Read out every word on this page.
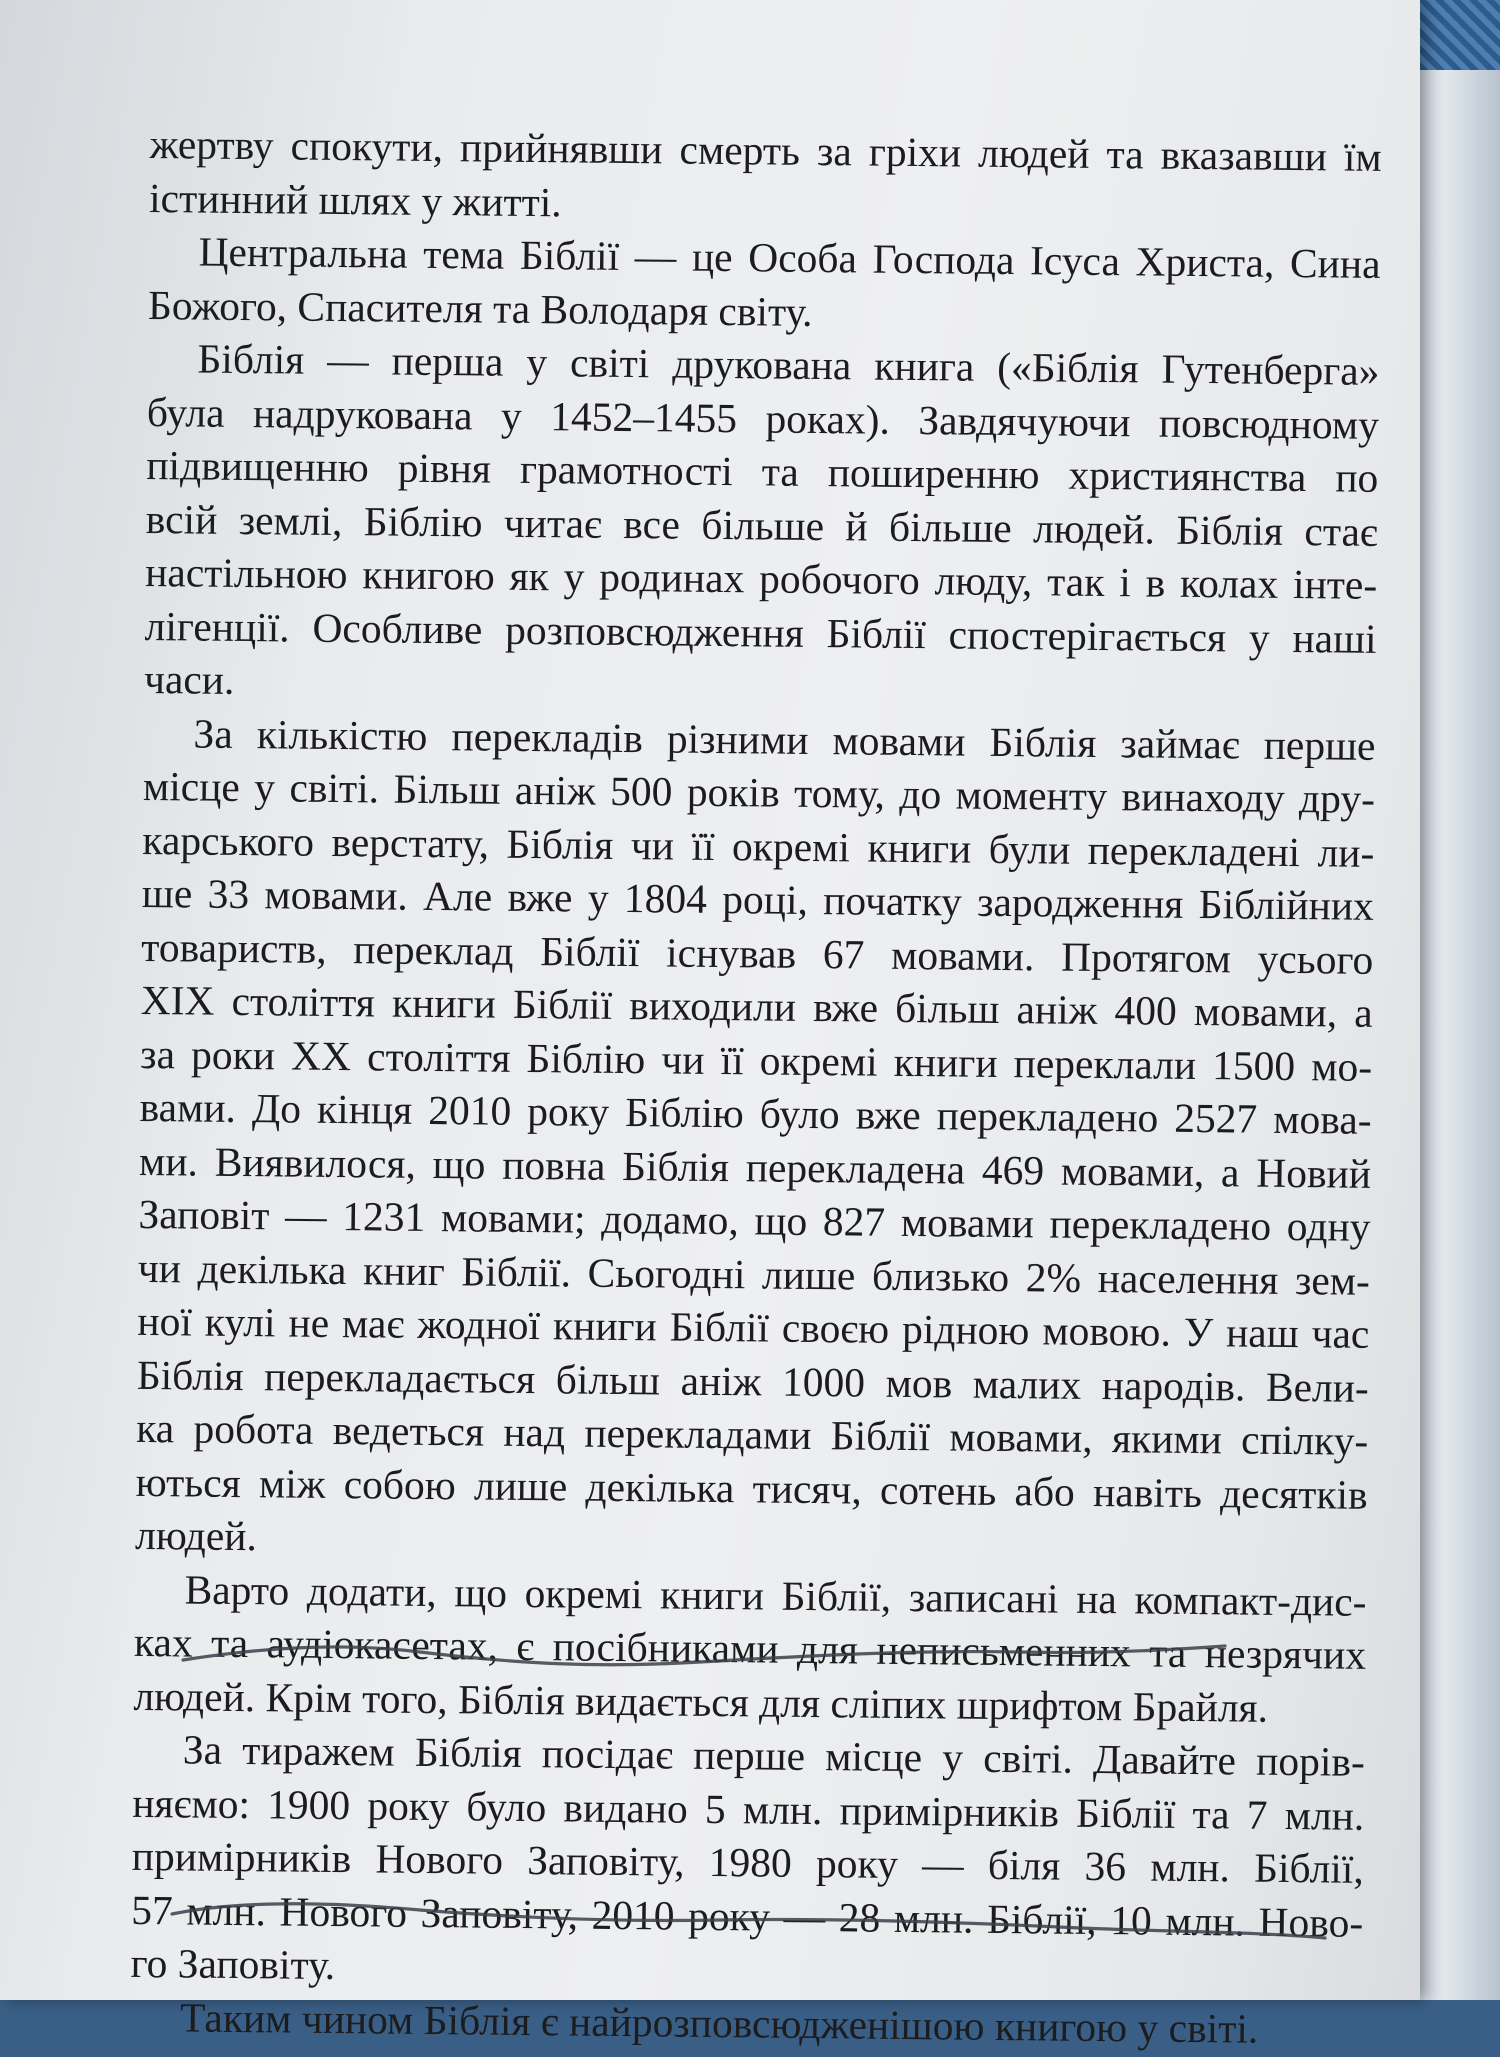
жертву спокути, прийнявши смерть за гріхи людей та вказавши їм
істинний шлях у житті.
Центральна тема Біблії — це Особа Господа Ісуса Христа, Сина
Божого, Спасителя та Володаря світу.
Біблія — перша у світі друкована книга («Біблія Гутенберга»
була надрукована у 1452–1455 роках). Завдячуючи повсюдному
підвищенню рівня грамотності та поширенню християнства по
всій землі, Біблію читає все більше й більше людей. Біблія стає
настільною книгою як у родинах робочого люду, так і в колах інте-
лігенції. Особливе розповсюдження Біблії спостерігається у наші
часи.
За кількістю перекладів різними мовами Біблія займає перше
місце у світі. Більш аніж 500 років тому, до моменту винаходу дру-
карського верстату, Біблія чи її окремі книги були перекладені ли-
ше 33 мовами. Але вже у 1804 році, початку зародження Біблійних
товариств, переклад Біблії існував 67 мовами. Протягом усього
XIX століття книги Біблії виходили вже більш аніж 400 мовами, а
за роки XX століття Біблію чи її окремі книги переклали 1500 мо-
вами. До кінця 2010 року Біблію було вже перекладено 2527 мова-
ми. Виявилося, що повна Біблія перекладена 469 мовами, а Новий
Заповіт — 1231 мовами; додамо, що 827 мовами перекладено одну
чи декілька книг Біблії. Сьогодні лише близько 2% населення зем-
ної кулі не має жодної книги Біблії своєю рідною мовою. У наш час
Біблія перекладається більш аніж 1000 мов малих народів. Вели-
ка робота ведеться над перекладами Біблії мовами, якими спілку-
ються між собою лише декілька тисяч, сотень або навіть десятків
людей.
Варто додати, що окремі книги Біблії, записані на компакт-дис-
ках та аудіокасетах, є посібниками для неписьменних та незрячих
людей. Крім того, Біблія видається для сліпих шрифтом Брайля.
За тиражем Біблія посідає перше місце у світі. Давайте порів-
няємо: 1900 року було видано 5 млн. примірників Біблії та 7 млн.
примірників Нового Заповіту, 1980 року — біля 36 млн. Біблії,
57 млн. Нового Заповіту, 2010 року — 28 млн. Біблії, 10 млн. Ново-
го Заповіту.
Таким чином Біблія є найрозповсюдженішою книгою у світі.
